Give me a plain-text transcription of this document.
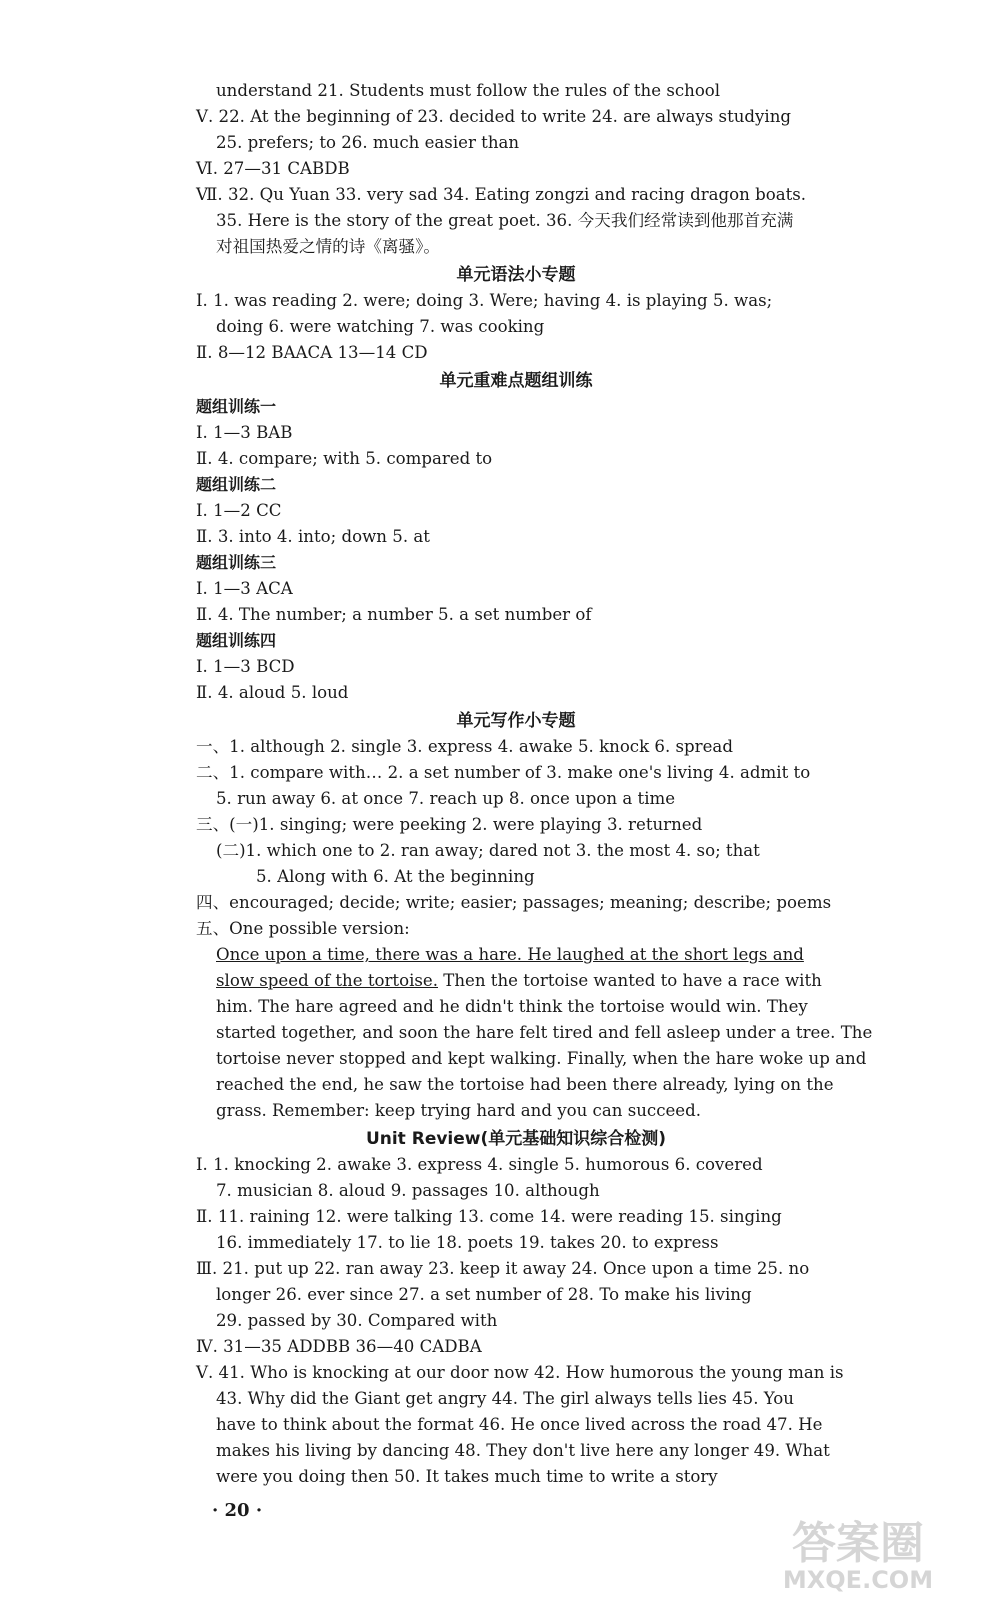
understand 21. Students must follow the rules of the school
Ⅴ. 22. At the beginning of 23. decided to write 24. are always studying
25. prefers; to 26. much easier than
Ⅵ. 27—31 CABDB
Ⅶ. 32. Qu Yuan 33. very sad 34. Eating zongzi and racing dragon boats.
35. Here is the story of the great poet. 36. 今天我们经常读到他那首充满
对祖国热爱之情的诗《离骚》。
单元语法小专题
Ⅰ. 1. was reading 2. were; doing 3. Were; having 4. is playing 5. was;
doing 6. were watching 7. was cooking
Ⅱ. 8—12 BAACA 13—14 CD
单元重难点题组训练
题组训练一
Ⅰ. 1—3 BAB
Ⅱ. 4. compare; with 5. compared to
题组训练二
Ⅰ. 1—2 CC
Ⅱ. 3. into 4. into; down 5. at
题组训练三
Ⅰ. 1—3 ACA
Ⅱ. 4. The number; a number 5. a set number of
题组训练四
Ⅰ. 1—3 BCD
Ⅱ. 4. aloud 5. loud
单元写作小专题
一、1. although 2. single 3. express 4. awake 5. knock 6. spread
二、1. compare with… 2. a set number of 3. make one's living 4. admit to
5. run away 6. at once 7. reach up 8. once upon a time
三、(一)1. singing; were peeking 2. were playing 3. returned
(二)1. which one to 2. ran away; dared not 3. the most 4. so; that
5. Along with 6. At the beginning
四、encouraged; decide; write; easier; passages; meaning; describe; poems
五、One possible version:
Once upon a time, there was a hare. He laughed at the short legs and
slow speed of the tortoise. Then the tortoise wanted to have a race with
him. The hare agreed and he didn't think the tortoise would win. They
started together, and soon the hare felt tired and fell asleep under a tree. The
tortoise never stopped and kept walking. Finally, when the hare woke up and
reached the end, he saw the tortoise had been there already, lying on the
grass. Remember: keep trying hard and you can succeed.
Unit Review(单元基础知识综合检测)
Ⅰ. 1. knocking 2. awake 3. express 4. single 5. humorous 6. covered
7. musician 8. aloud 9. passages 10. although
Ⅱ. 11. raining 12. were talking 13. come 14. were reading 15. singing
16. immediately 17. to lie 18. poets 19. takes 20. to express
Ⅲ. 21. put up 22. ran away 23. keep it away 24. Once upon a time 25. no
longer 26. ever since 27. a set number of 28. To make his living
29. passed by 30. Compared with
Ⅳ. 31—35 ADDBB 36—40 CADBA
Ⅴ. 41. Who is knocking at our door now 42. How humorous the young man is
43. Why did the Giant get angry 44. The girl always tells lies 45. You
have to think about the format 46. He once lived across the road 47. He
makes his living by dancing 48. They don't live here any longer 49. What
were you doing then 50. It takes much time to write a story
· 20 ·
答案圈
MXQE.COM
